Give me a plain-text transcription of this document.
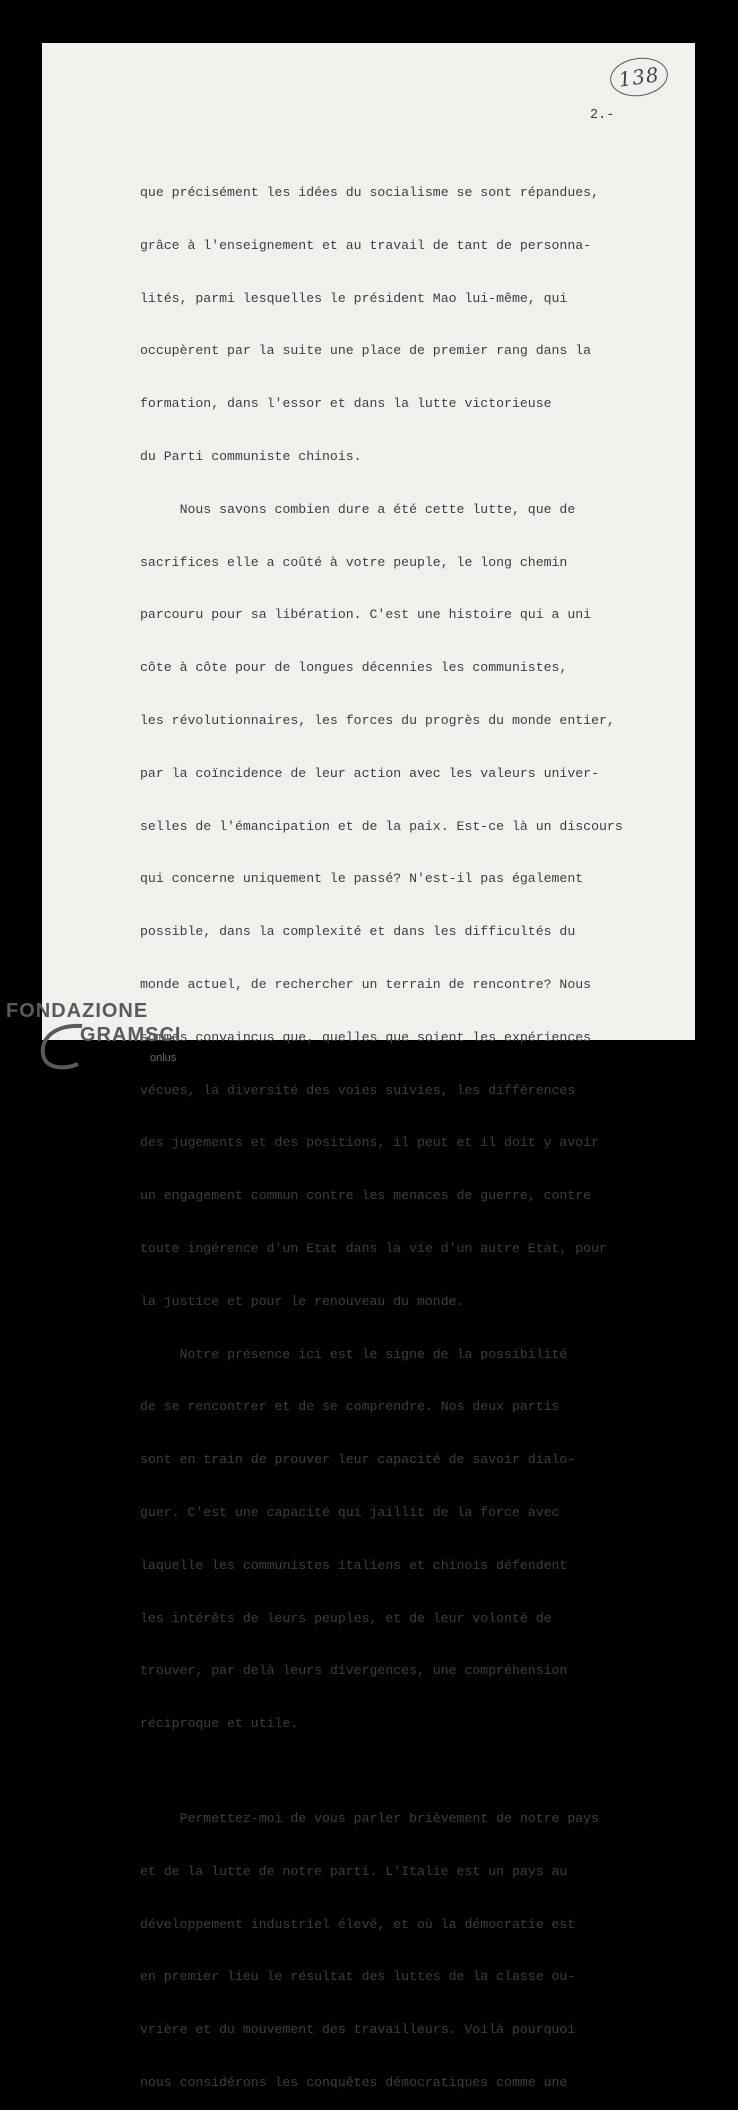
138
2.-

que précisément les idées du socialisme se sont répandues,

grâce à l'enseignement et au travail de tant de personna-

lités, parmi lesquelles le président Mao lui-même, qui

occupèrent par la suite une place de premier rang dans la

formation, dans l'essor et dans la lutte victorieuse

du Parti communiste chinois.

Nous savons combien dure a été cette lutte, que de

sacrifices elle a coûté à votre peuple, le long chemin

parcouru pour sa libération. C'est une histoire qui a uni

côte à côte pour de longues décennies les communistes,

les révolutionnaires, les forces du progrès du monde entier,

par la coïncidence de leur action avec les valeurs univer-

selles de l'émancipation et de la paix. Est-ce là un discours

qui concerne uniquement le passé? N'est-il pas également

possible, dans la complexité et dans les difficultés du

monde actuel, de rechercher un terrain de rencontre? Nous

sommes convaincus que, quelles que soient les expériences

vécues, la diversité des voies suivies, les différences

des jugements et des positions, il peut et il doit y avoir

un engagement commun contre les menaces de guerre, contre

toute ingérence d'un Etat dans la vie d'un autre Etat, pour

la justice et pour le renouveau du monde.

Notre présence ici est le signe de la possibilité

de se rencontrer et de se comprendre. Nos deux partis

sont en train de prouver leur capacité de savoir dialo-

guer. C'est une capacité qui jaillit de la force avec

laquelle les communistes italiens et chinois défendent

les intérêts de leurs peuples, et de leur volonté de

trouver, par delà leurs divergences, une compréhension

réciproque et utile.

Permettez-moi de vous parler brièvement de notre pays

et de la lutte de notre parti. L'Italie est un pays au

développement industriel élevé, et où la démocratie est

en premier lieu le résultat des luttes de la classe ou-

vrière et du mouvement des travailleurs. Voilà pourquoi

nous considérons les conquêtes démocratiques comme une

FONDAZIONE
GRAMSCI
onlus
